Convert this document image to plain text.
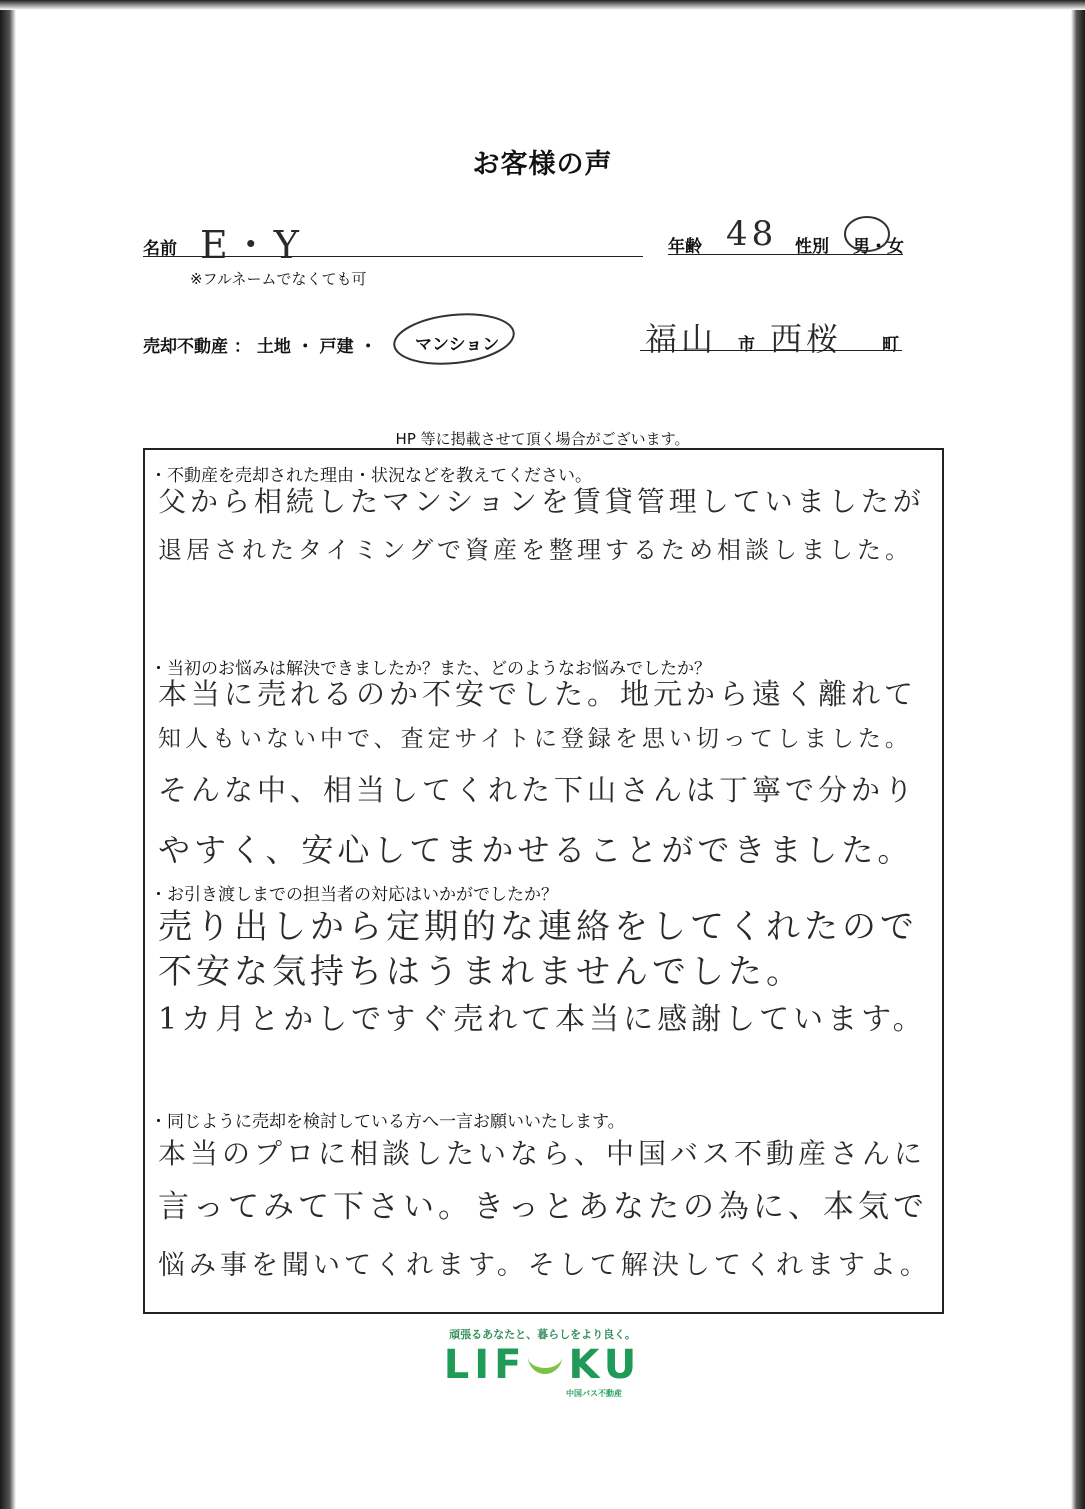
お客様の声
名前 E・Y
※フルネームでなくても可
年齢 48 性別 男・女
売却不動産 ： 土地 ・ 戸建 ・ マンション	福山 市 西桜 町
HP 等に掲載させて頂く場合がございます。
・不動産を売却された理由・状況などを教えてください。
父から相続したマンションを賃貸管理していましたが
退居されたタイミングで資産を整理するため相談しました。
・当初のお悩みは解決できましたか？また、どのようなお悩みでしたか？
本当に売れるのか不安でした。地元から遠く離れて
知人もいない中で、査定サイトに登録を思い切ってしました。
そんな中、相当してくれた下山さんは丁寧で分かり
やすく、安心してまかせることができました。
・お引き渡しまでの担当者の対応はいかがでしたか？
売り出しから定期的な連絡をしてくれたので
不安な気持ちはうまれませんでした。
1カ月とかしですぐ売れて本当に感謝しています。
・同じように売却を検討している方へ一言お願いいたします。
本当のプロに相談したいなら、中国バス不動産さんに
言ってみて下さい。きっとあなたの為に、本気で
悩み事を聞いてくれます。そして解決してくれますよ。
頑張るあなたと、暮らしをより良く。
LIF KU
中国バス不動産
